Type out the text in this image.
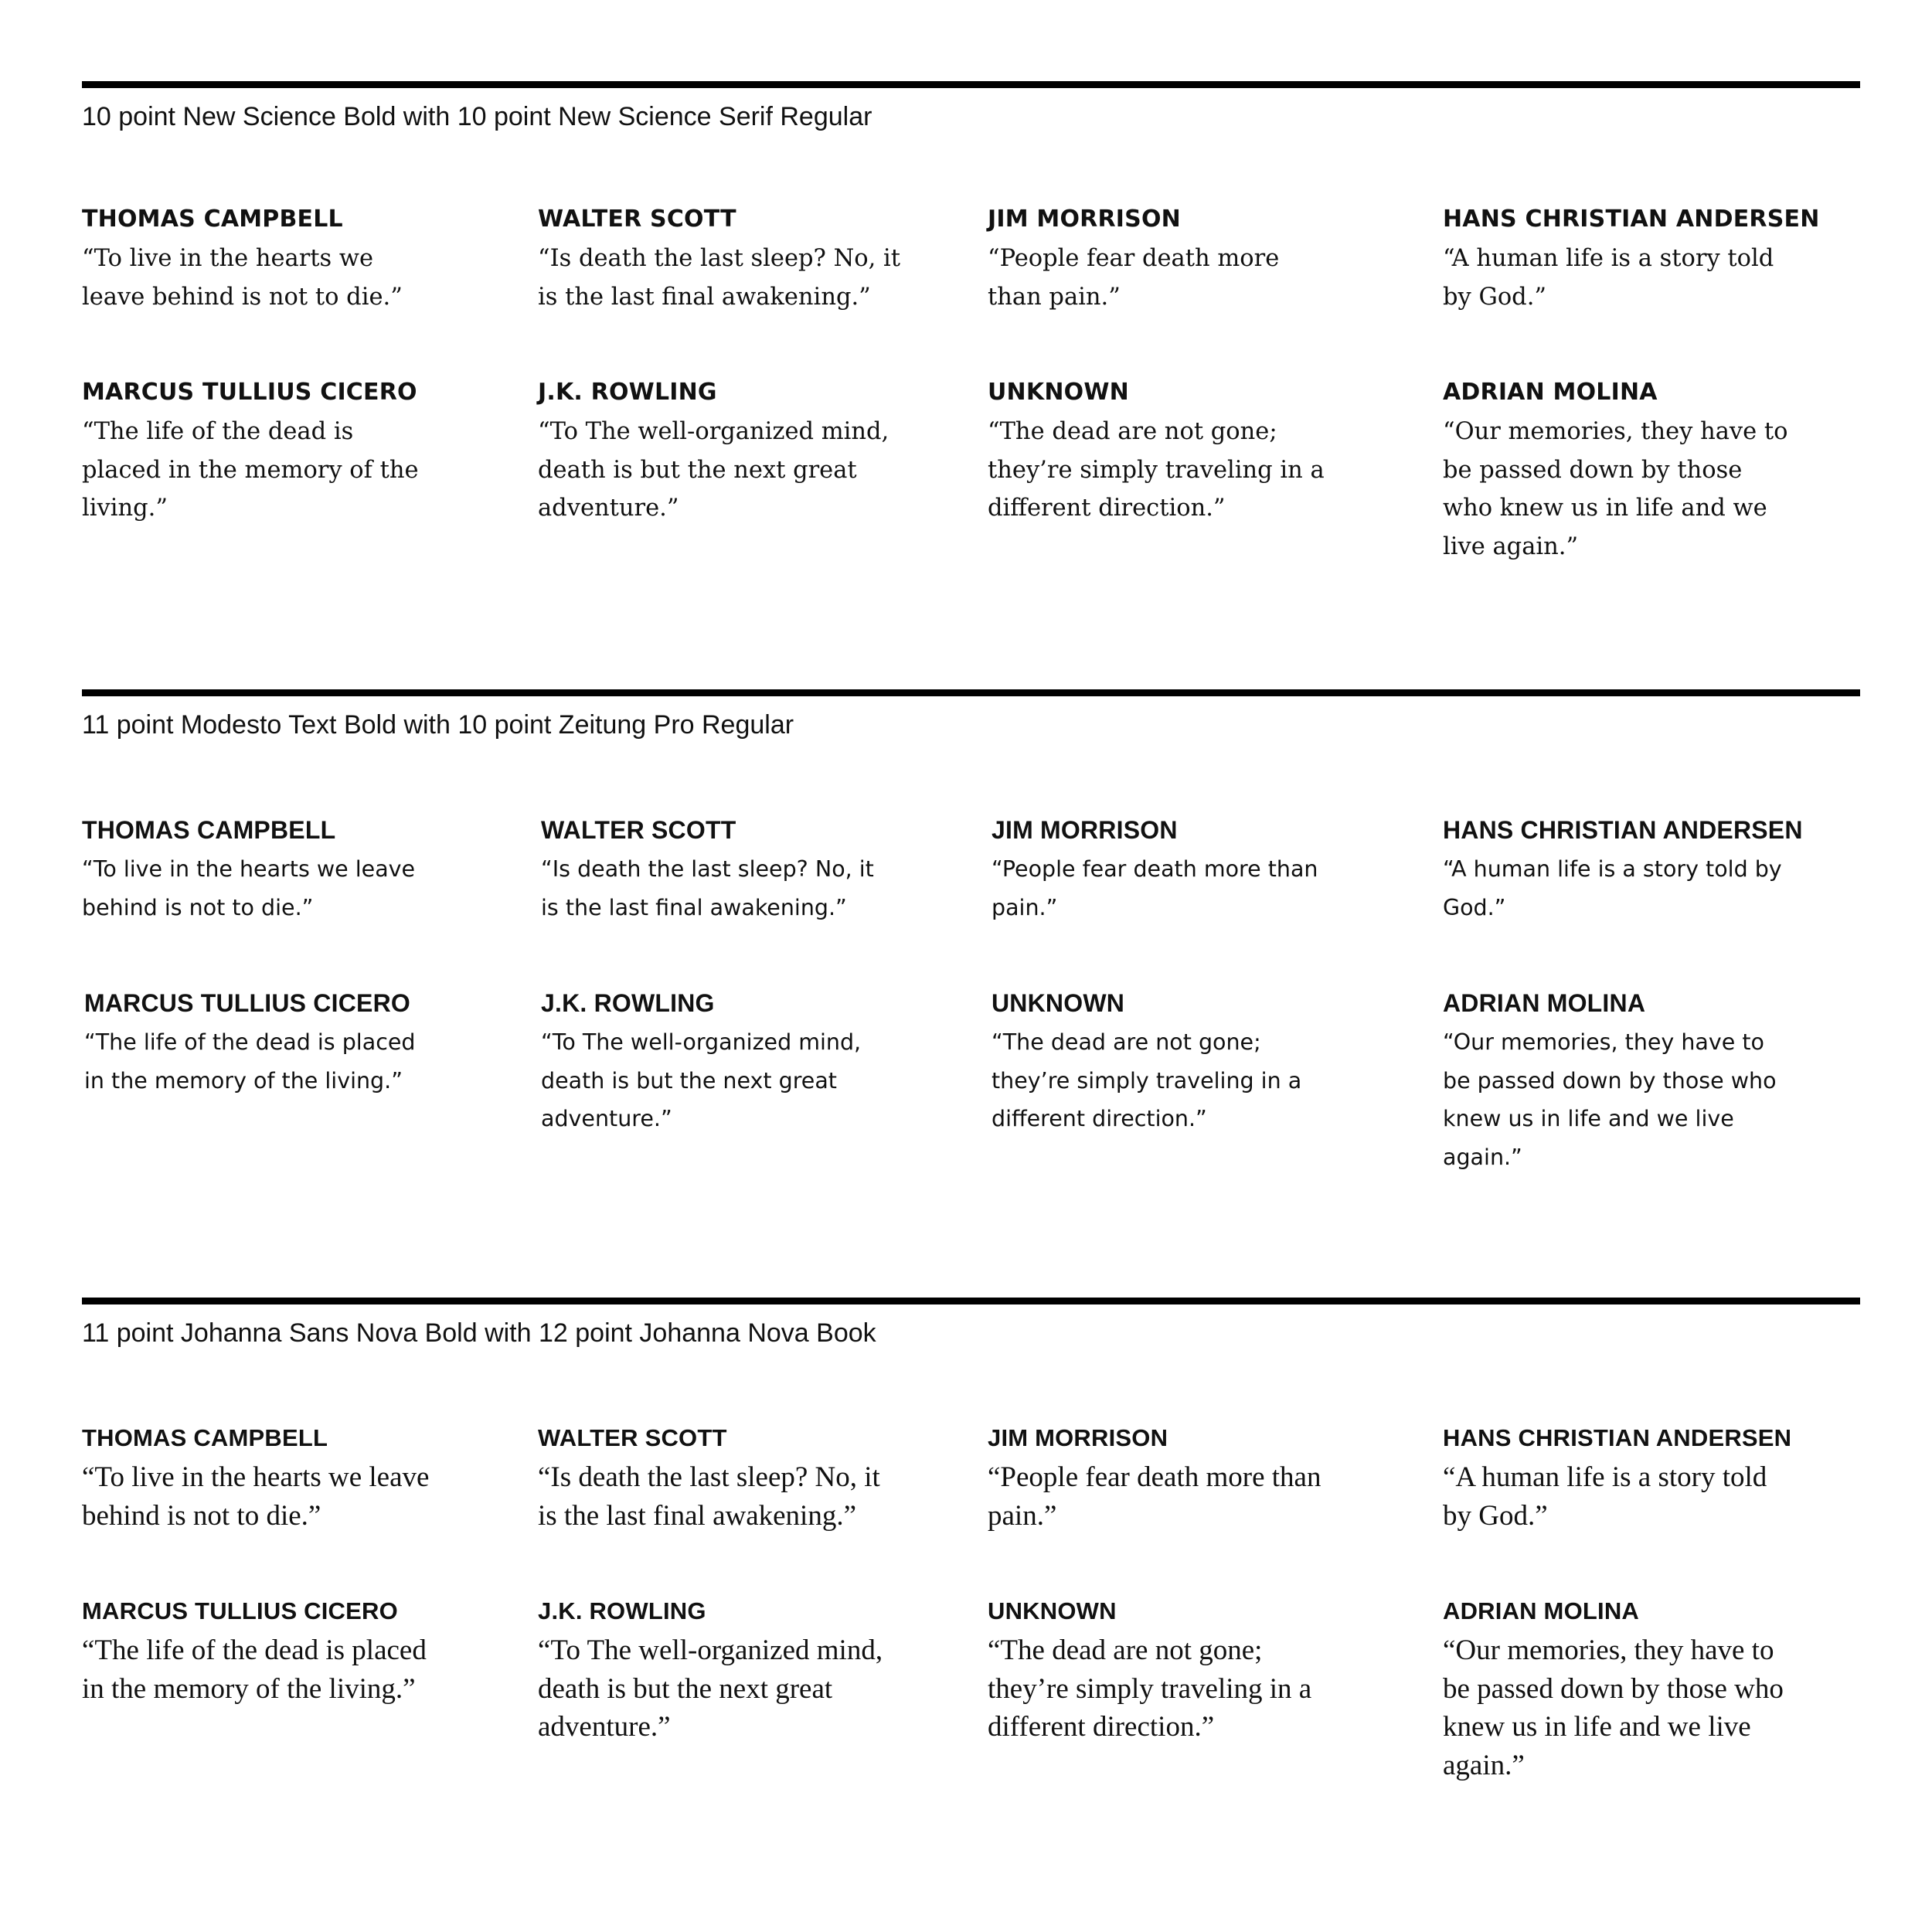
10 point New Science Bold with 10 point New Science Serif Regular

THOMAS CAMPBELL

“To live in the hearts we leave behind is not to die.”

WALTER SCOTT

“Is death the last sleep? No, it is the last final awakening.”

JIM MORRISON

“People fear death more than pain.”

HANS CHRISTIAN ANDERSEN

“A human life is a story told by God.”

MARCUS TULLIUS CICERO

“The life of the dead is placed in the memory of the living.”

J.K. ROWLING

“To The well-organized mind, death is but the next great adventure.”

UNKNOWN

“The dead are not gone; they’re simply traveling in a different direction.”

ADRIAN MOLINA

“Our memories, they have to be passed down by those who knew us in life and we live again.”

11 point Modesto Text Bold with 10 point Zeitung Pro Regular

THOMAS CAMPBELL

“To live in the hearts we leave behind is not to die.”

WALTER SCOTT

“Is death the last sleep? No, it is the last final awakening.”

JIM MORRISON

“People fear death more than pain.”

HANS CHRISTIAN ANDERSEN

“A human life is a story told by God.”

MARCUS TULLIUS CICERO

“The life of the dead is placed in the memory of the living.”

J.K. ROWLING

“To The well-organized mind, death is but the next great adventure.”

UNKNOWN

“The dead are not gone; they’re simply traveling in a different direction.”

ADRIAN MOLINA

“Our memories, they have to be passed down by those who knew us in life and we live again.”

11 point Johanna Sans Nova Bold with 12 point Johanna Nova Book

THOMAS CAMPBELL

“To live in the hearts we leave behind is not to die.”

WALTER SCOTT

“Is death the last sleep? No, it is the last final awakening.”

JIM MORRISON

“People fear death more than pain.”

HANS CHRISTIAN ANDERSEN

“A human life is a story told by God.”

MARCUS TULLIUS CICERO

“The life of the dead is placed in the memory of the living.”

J.K. ROWLING

“To The well-organized mind, death is but the next great adventure.”

UNKNOWN

“The dead are not gone; they’re simply traveling in a different direction.”

ADRIAN MOLINA

“Our memories, they have to be passed down by those who knew us in life and we live again.”
